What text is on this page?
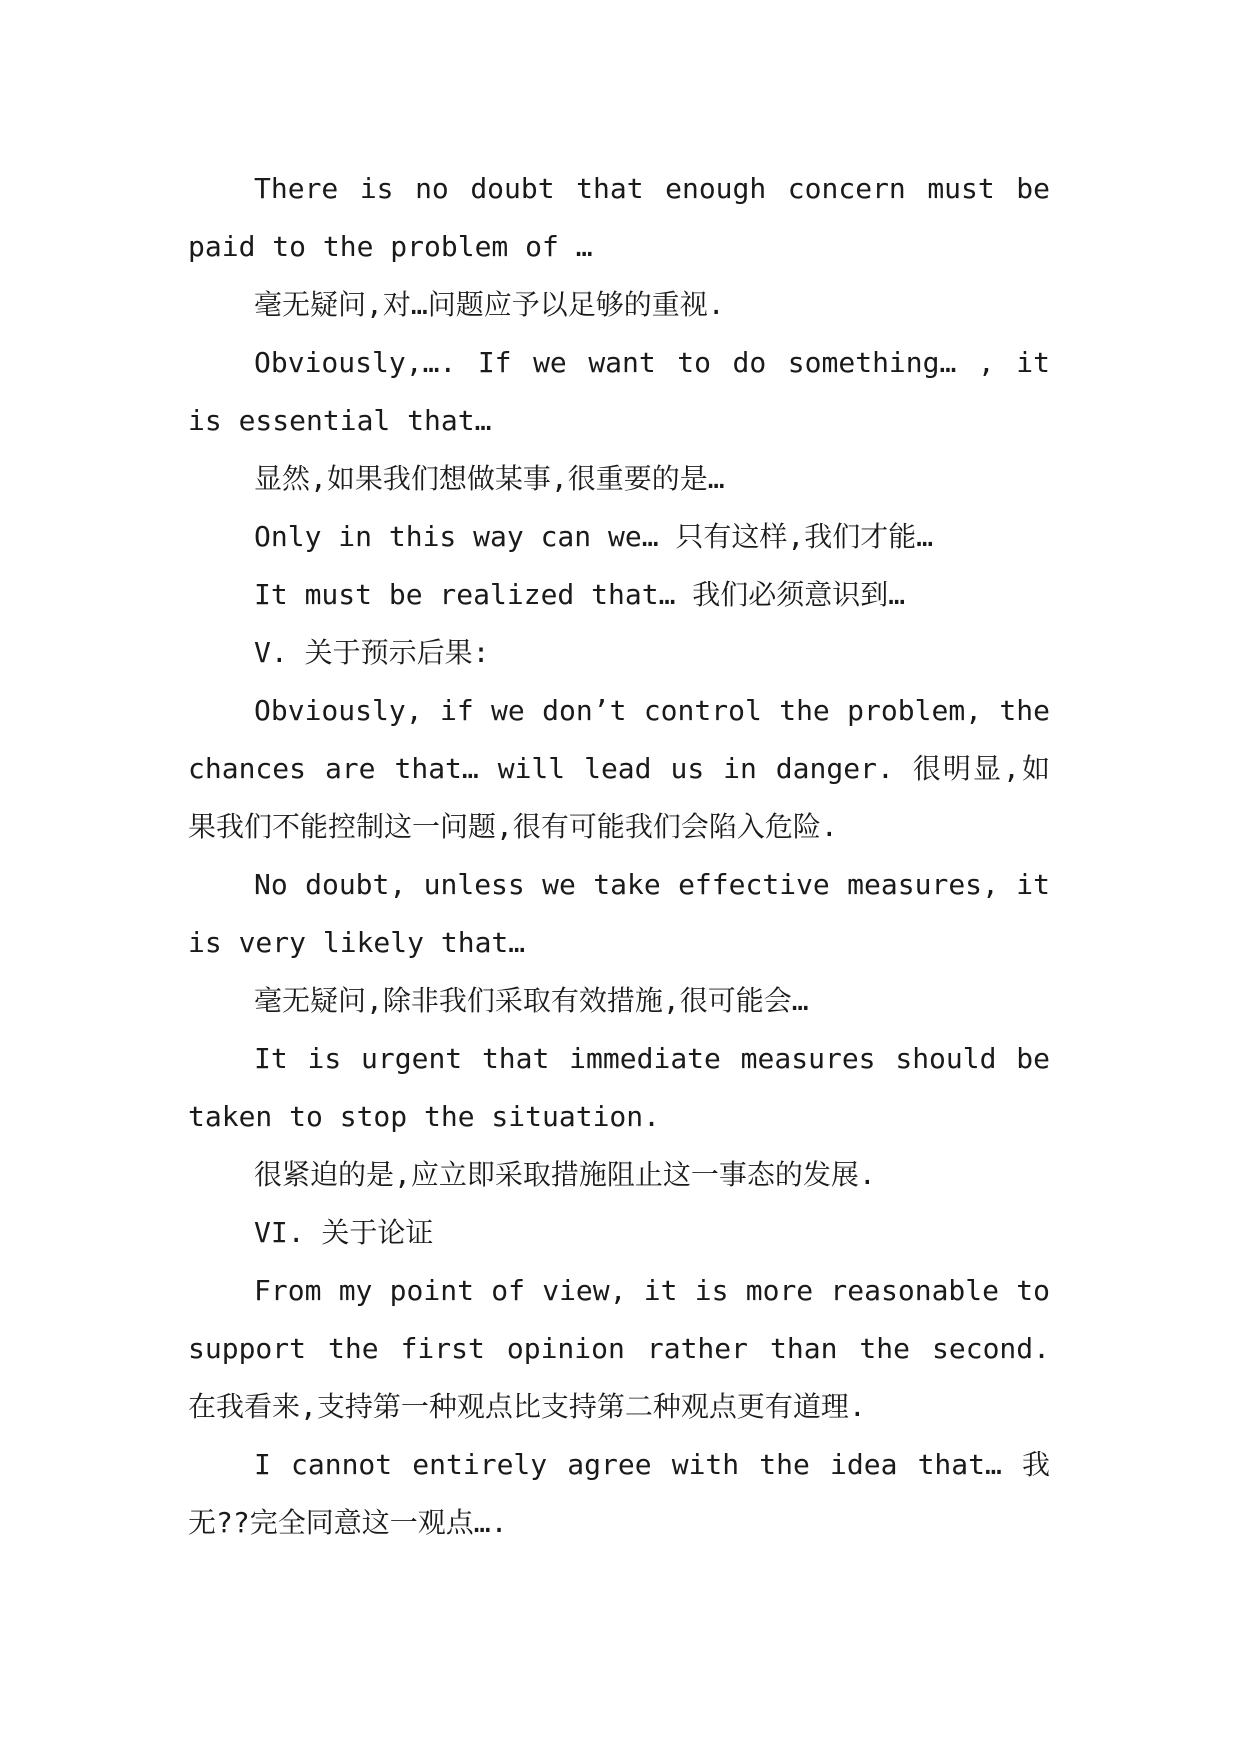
There is no doubt that enough concern must be paid to the problem of …

毫无疑问,对…问题应予以足够的重视.

Obviously,…. If we want to do something… , it is essential that…

显然,如果我们想做某事,很重要的是…

Only in this way can we… 只有这样,我们才能…

It must be realized that… 我们必须意识到…

V. 关于预示后果:

Obviously, if we don’t control the problem, the chances are that… will lead us in danger. 很明显,如果我们不能控制这一问题,很有可能我们会陷入危险.

No doubt, unless we take effective measures, it is very likely that…

毫无疑问,除非我们采取有效措施,很可能会…

It is urgent that immediate measures should be taken to stop the situation.

很紧迫的是,应立即采取措施阻止这一事态的发展.

VI. 关于论证

From my point of view, it is more reasonable to support the first opinion rather than the second. 在我看来,支持第一种观点比支持第二种观点更有道理.

I cannot entirely agree with the idea that… 我无??完全同意这一观点….
